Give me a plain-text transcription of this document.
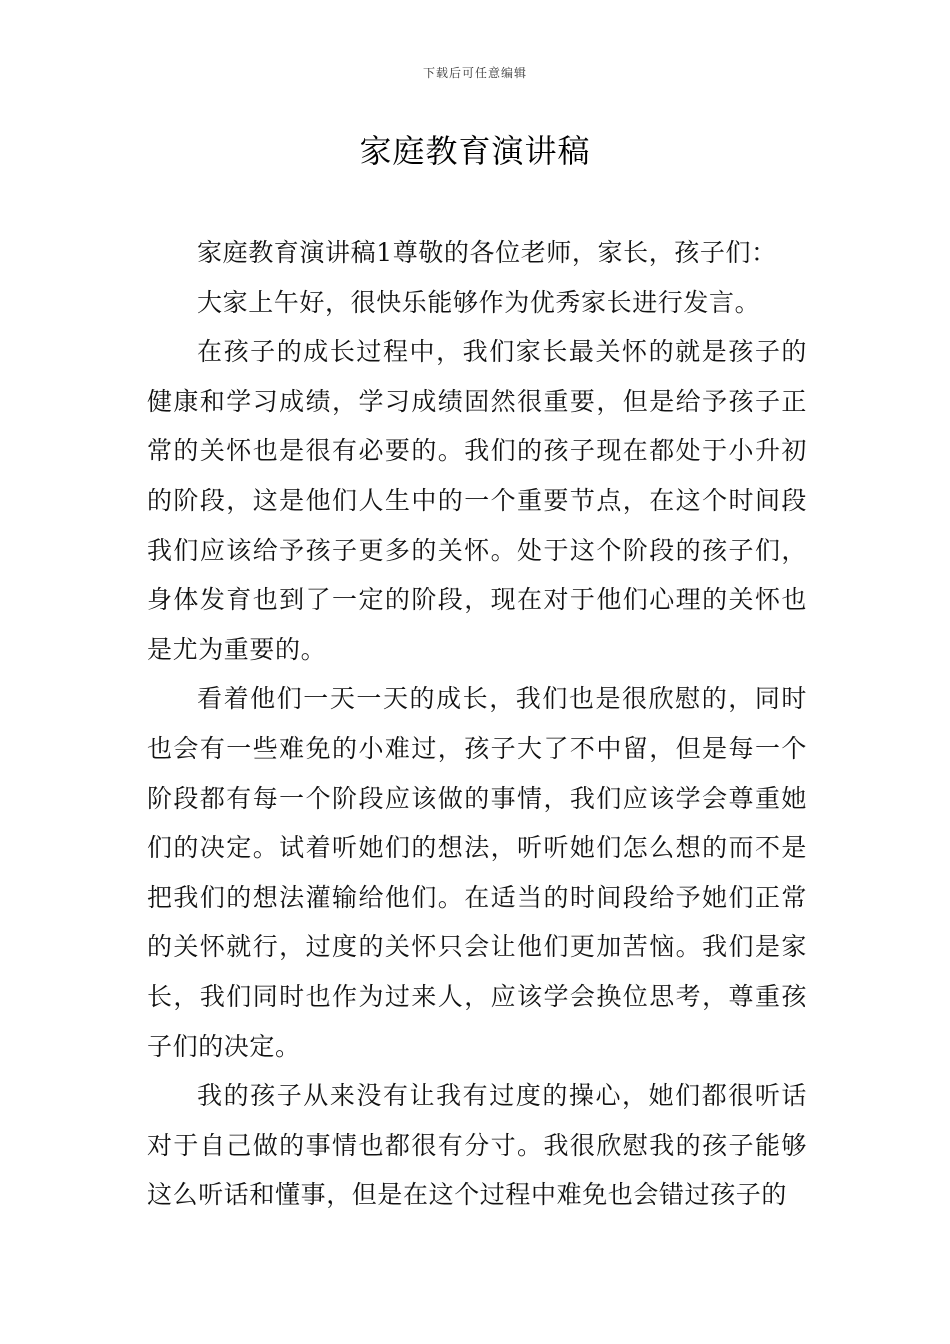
下载后可任意编辑
家庭教育演讲稿

家庭教育演讲稿1尊敬的各位老师，家长，孩子们：

大家上午好，很快乐能够作为优秀家长进行发言。

在孩子的成长过程中，我们家长最关怀的就是孩子的健康和学习成绩，学习成绩固然很重要，但是给予孩子正常的关怀也是很有必要的。我们的孩子现在都处于小升初的阶段，这是他们人生中的一个重要节点，在这个时间段我们应该给予孩子更多的关怀。处于这个阶段的孩子们，身体发育也到了一定的阶段，现在对于他们心理的关怀也是尤为重要的。

看着他们一天一天的成长，我们也是很欣慰的，同时也会有一些难免的小难过，孩子大了不中留，但是每一个阶段都有每一个阶段应该做的事情，我们应该学会尊重她们的决定。试着听她们的想法，听听她们怎么想的而不是把我们的想法灌输给他们。在适当的时间段给予她们正常的关怀就行，过度的关怀只会让他们更加苦恼。我们是家长，我们同时也作为过来人，应该学会换位思考，尊重孩子们的决定。

我的孩子从来没有让我有过度的操心，她们都很听话对于自己做的事情也都很有分寸。我很欣慰我的孩子能够这么听话和懂事，但是在这个过程中难免也会错过孩子的
